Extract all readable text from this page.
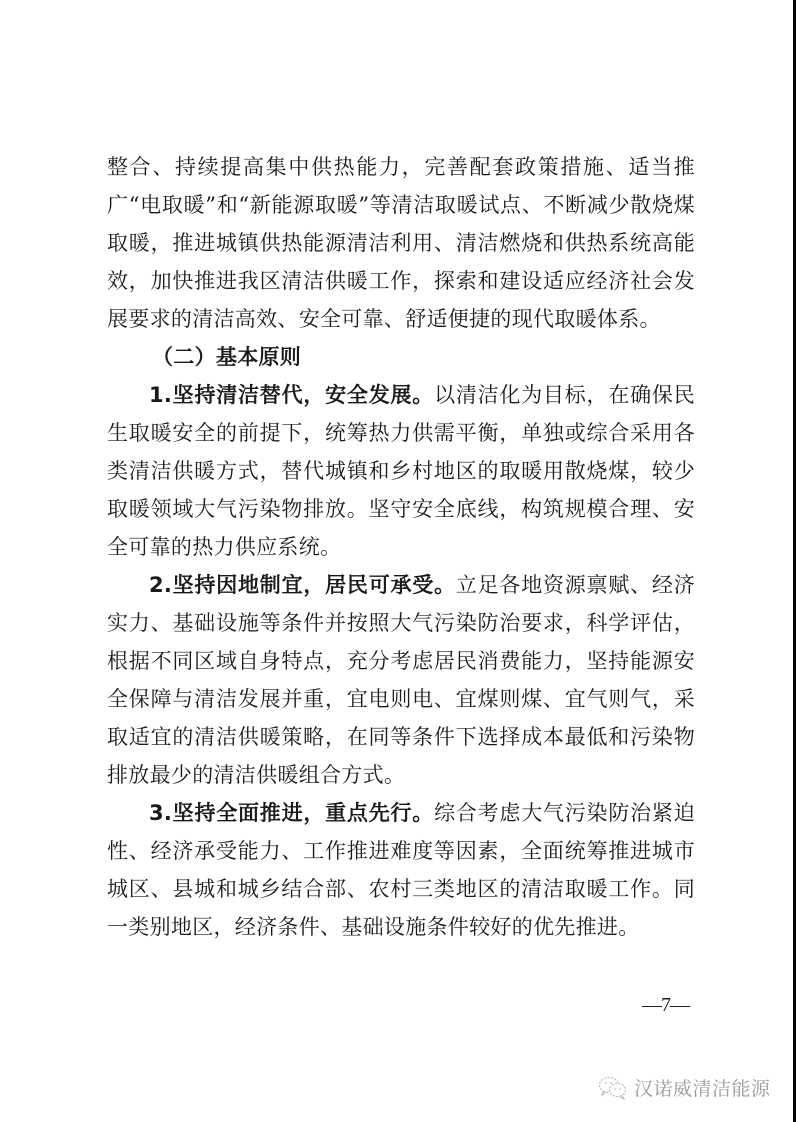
整合、持续提高集中供热能力，完善配套政策措施、适当推广“电取暖”和“新能源取暖”等清洁取暖试点、不断减少散烧煤取暖，推进城镇供热能源清洁利用、清洁燃烧和供热系统高能效，加快推进我区清洁供暖工作，探索和建设适应经济社会发展要求的清洁高效、安全可靠、舒适便捷的现代取暖体系。

（二）基本原则

1.坚持清洁替代，安全发展。以清洁化为目标，在确保民生取暖安全的前提下，统筹热力供需平衡，单独或综合采用各类清洁供暖方式，替代城镇和乡村地区的取暖用散烧煤，较少取暖领域大气污染物排放。坚守安全底线，构筑规模合理、安全可靠的热力供应系统。

2.坚持因地制宜，居民可承受。立足各地资源禀赋、经济实力、基础设施等条件并按照大气污染防治要求，科学评估，根据不同区域自身特点，充分考虑居民消费能力，坚持能源安全保障与清洁发展并重，宜电则电、宜煤则煤、宜气则气，采取适宜的清洁供暖策略，在同等条件下选择成本最低和污染物排放最少的清洁供暖组合方式。

3.坚持全面推进，重点先行。综合考虑大气污染防治紧迫性、经济承受能力、工作推进难度等因素，全面统筹推进城市城区、县城和城乡结合部、农村三类地区的清洁取暖工作。同一类别地区，经济条件、基础设施条件较好的优先推进。

—7—
汉诺威清洁能源
